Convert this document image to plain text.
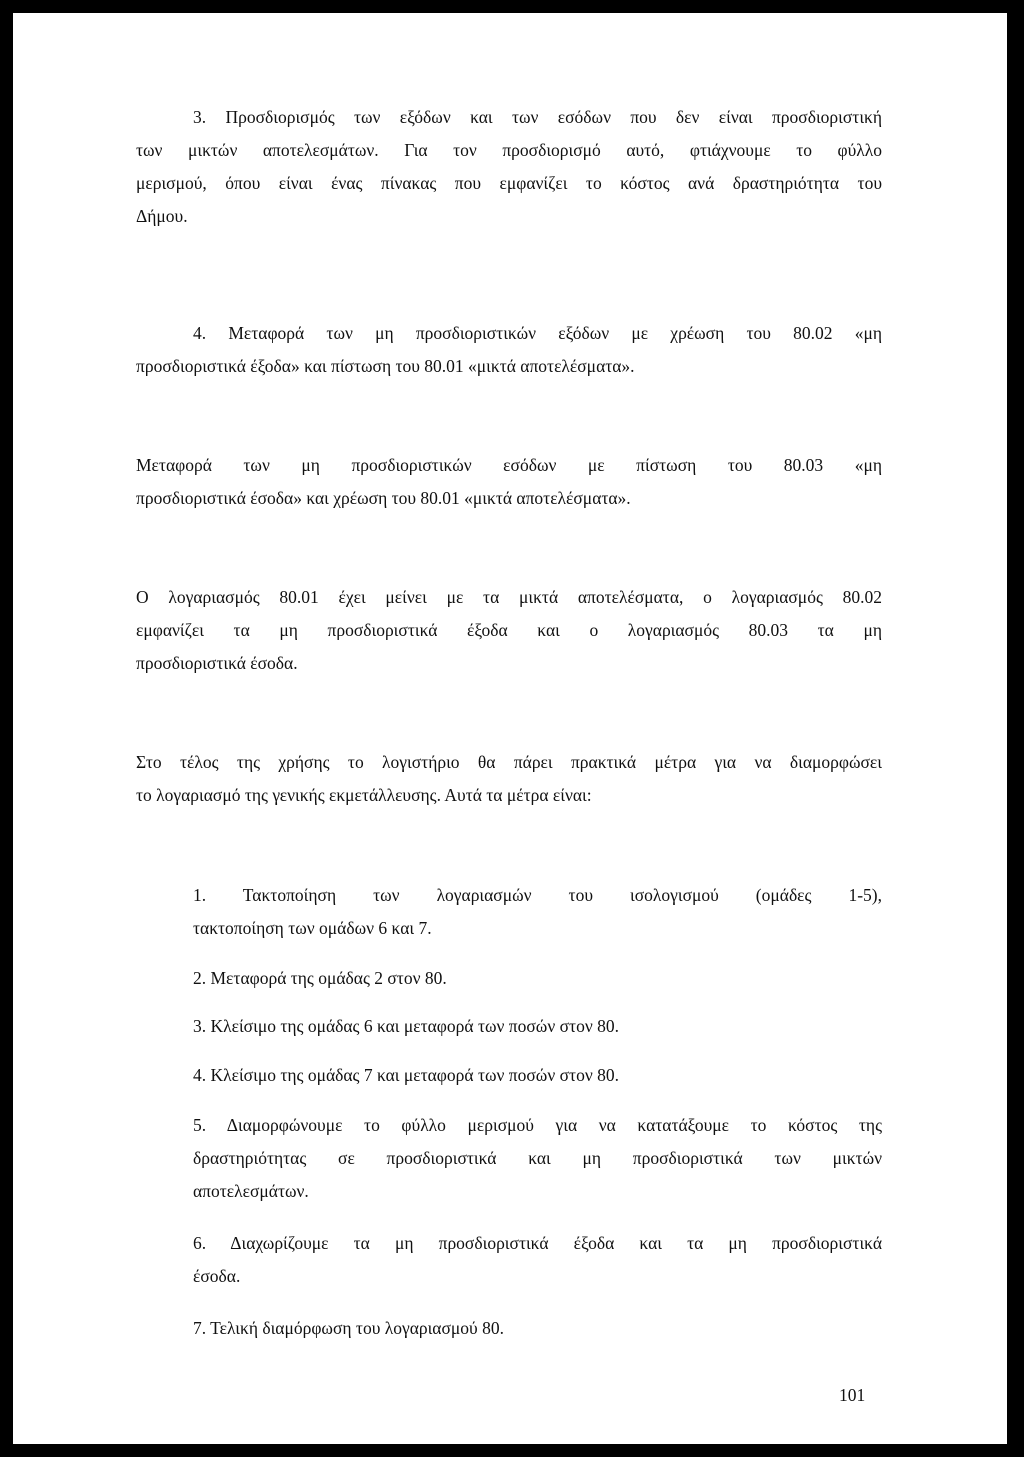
3. Προσδιορισμός των εξόδων και των εσόδων που δεν είναι προσδιοριστική
των μικτών αποτελεσμάτων. Για τον προσδιορισμό αυτό, φτιάχνουμε το φύλλο
μερισμού, όπου είναι ένας πίνακας που εμφανίζει το κόστος ανά δραστηριότητα του
Δήμου.
4. Μεταφορά των μη προσδιοριστικών εξόδων με χρέωση του 80.02 «μη
προσδιοριστικά έξοδα» και πίστωση του 80.01 «μικτά αποτελέσματα».
Μεταφορά των μη προσδιοριστικών εσόδων με πίστωση του 80.03 «μη
προσδιοριστικά έσοδα» και χρέωση του 80.01 «μικτά αποτελέσματα».
Ο λογαριασμός 80.01 έχει μείνει με τα μικτά αποτελέσματα, ο λογαριασμός 80.02
εμφανίζει τα μη προσδιοριστικά έξοδα και ο λογαριασμός 80.03 τα μη
προσδιοριστικά έσοδα.
Στο τέλος της χρήσης το λογιστήριο θα πάρει πρακτικά μέτρα για να διαμορφώσει
το λογαριασμό της γενικής εκμετάλλευσης. Αυτά τα μέτρα είναι:
1. Τακτοποίηση των λογαριασμών του ισολογισμού (ομάδες 1-5),
τακτοποίηση των ομάδων 6 και 7.
2. Μεταφορά της ομάδας 2 στον 80.
3. Κλείσιμο της ομάδας 6 και μεταφορά των ποσών στον 80.
4. Κλείσιμο της ομάδας 7 και μεταφορά των ποσών στον 80.
5. Διαμορφώνουμε το φύλλο μερισμού για να κατατάξουμε το κόστος της
δραστηριότητας σε προσδιοριστικά και μη προσδιοριστικά των μικτών
αποτελεσμάτων.
6. Διαχωρίζουμε τα μη προσδιοριστικά έξοδα και τα μη προσδιοριστικά
έσοδα.
7. Τελική διαμόρφωση του λογαριασμού 80.
101
